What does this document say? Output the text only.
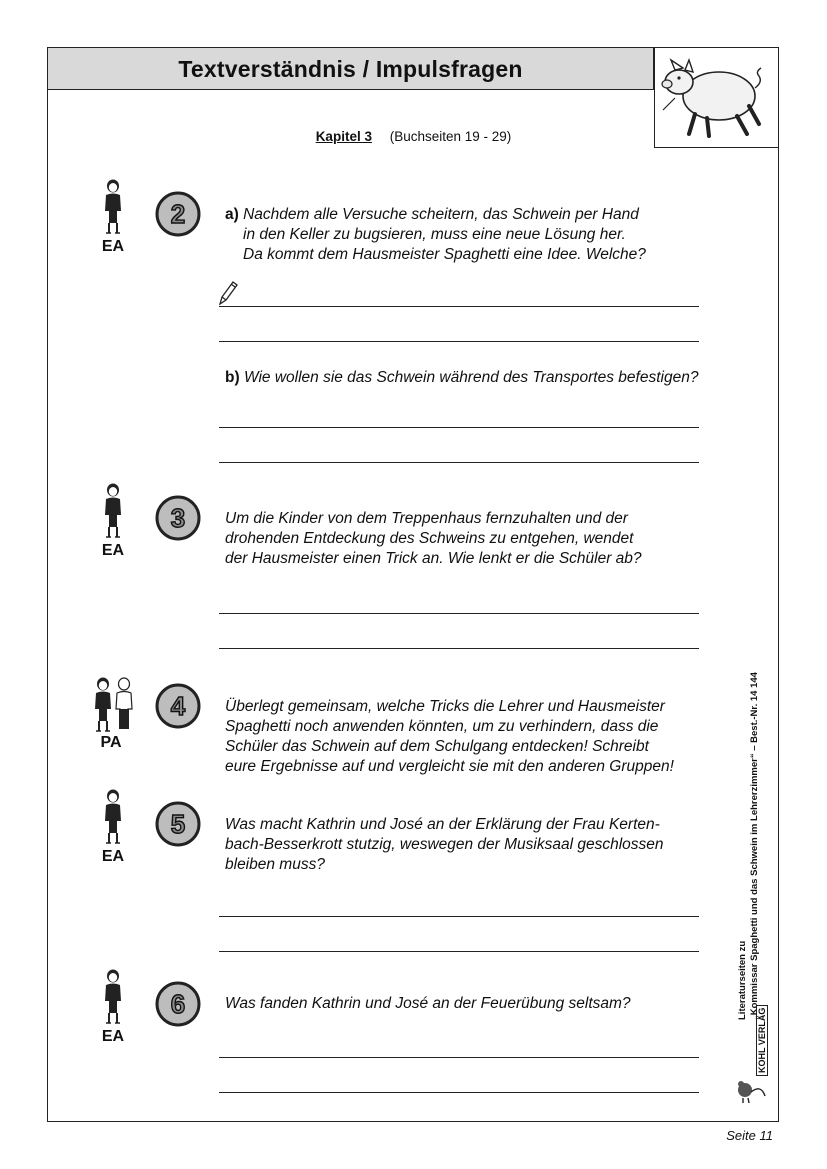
Textverständnis / Impulsfragen
Kapitel 3 (Buchseiten 19 - 29)
EA
2	a) Nachdem alle Versuche scheitern, das Schwein per Hand
in den Keller zu bugsieren, muss eine neue Lösung her.
Da kommt dem Hausmeister Spaghetti eine Idee. Welche?
b) Wie wollen sie das Schwein während des Transportes befestigen?
EA
3	Um die Kinder von dem Treppenhaus fernzuhalten und der
drohenden Entdeckung des Schweins zu entgehen, wendet
der Hausmeister einen Trick an. Wie lenkt er die Schüler ab?
PA
4	Überlegt gemeinsam, welche Tricks die Lehrer und Hausmeister
Spaghetti noch anwenden könnten, um zu verhindern, dass die
Schüler das Schwein auf dem Schulgang entdecken! Schreibt
eure Ergebnisse auf und vergleicht sie mit den anderen Gruppen!
EA
5	Was macht Kathrin und José an der Erklärung der Frau Kerten-
bach-Besserkrott stutzig, weswegen der Musiksaal geschlossen
bleiben muss?
EA
6	Was fanden Kathrin und José an der Feuerübung seltsam?	Literaturseiten zu „Kommissar Spaghetti und das Schwein im Lehrerzimmer“ – Best.-Nr. 14 144
KOHL VERLAG
Seite 11
